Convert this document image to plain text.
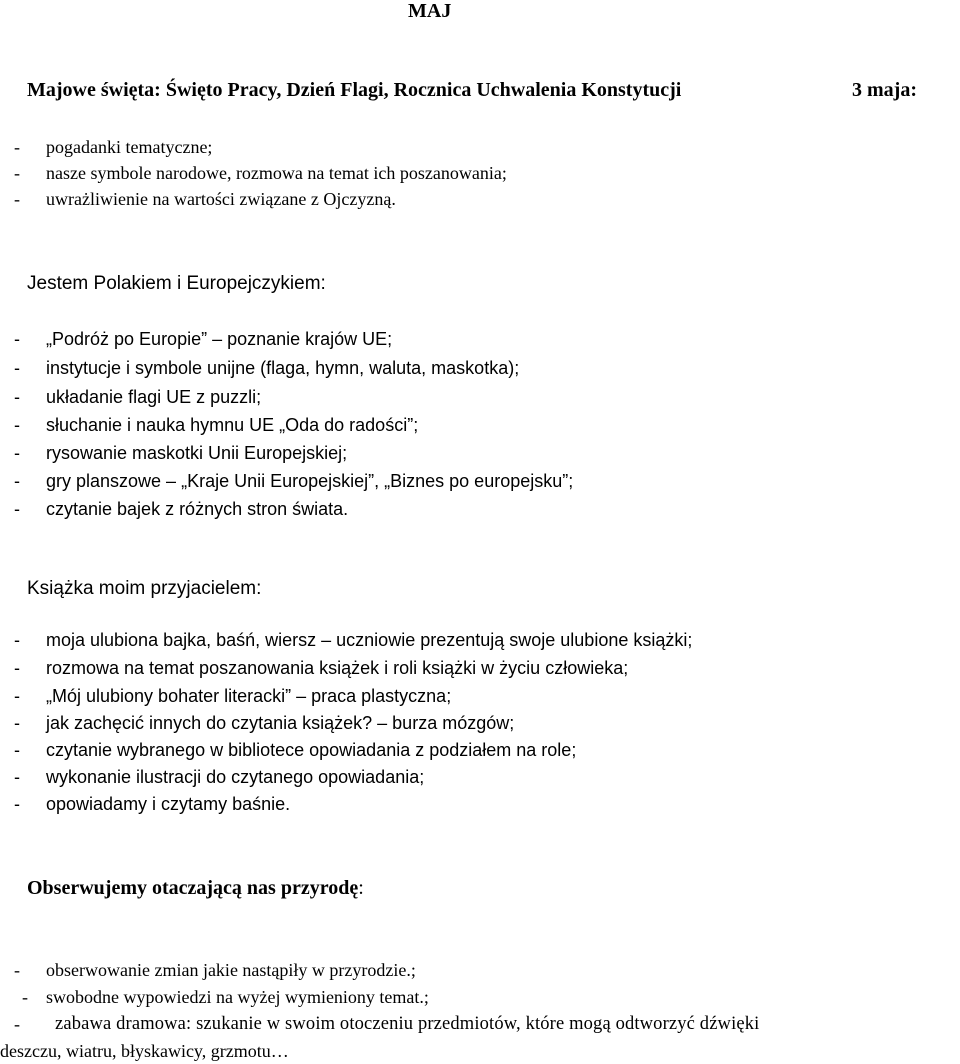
MAJ
Majowe święta: Święto Pracy, Dzień Flagi, Rocznica Uchwalenia Konstytucji	3 maja:
- pogadanki tematyczne;
- nasze symbole narodowe, rozmowa na temat ich poszanowania;
- uwrażliwienie na wartości związane z Ojczyzną.
Jestem Polakiem i Europejczykiem:
- „Podróż po Europie” – poznanie krajów UE;
- instytucje i symbole unijne (flaga, hymn, waluta, maskotka);
- układanie flagi UE z puzzli;
- słuchanie i nauka hymnu UE „Oda do radości”;
- rysowanie maskotki Unii Europejskiej;
- gry planszowe – „Kraje Unii Europejskiej”, „Biznes po europejsku”;
- czytanie bajek z różnych stron świata.
Książka moim przyjacielem:
- moja ulubiona bajka, baśń, wiersz – uczniowie prezentują swoje ulubione książki;
- rozmowa na temat poszanowania książek i roli książki w życiu człowieka;
- „Mój ulubiony bohater literacki” – praca plastyczna;
- jak zachęcić innych do czytania książek? – burza mózgów;
- czytanie wybranego w bibliotece opowiadania z podziałem na role;
- wykonanie ilustracji do czytanego opowiadania;
- opowiadamy i czytamy baśnie.
Obserwujemy otaczającą nas przyrodę:
- obserwowanie zmian jakie nastąpiły w przyrodzie.;
- swobodne wypowiedzi na wyżej wymieniony temat.;
- zabawa dramowa: szukanie w swoim otoczeniu przedmiotów, które mogą odtworzyć dźwięki
deszczu, wiatru, błyskawicy, grzmotu…
